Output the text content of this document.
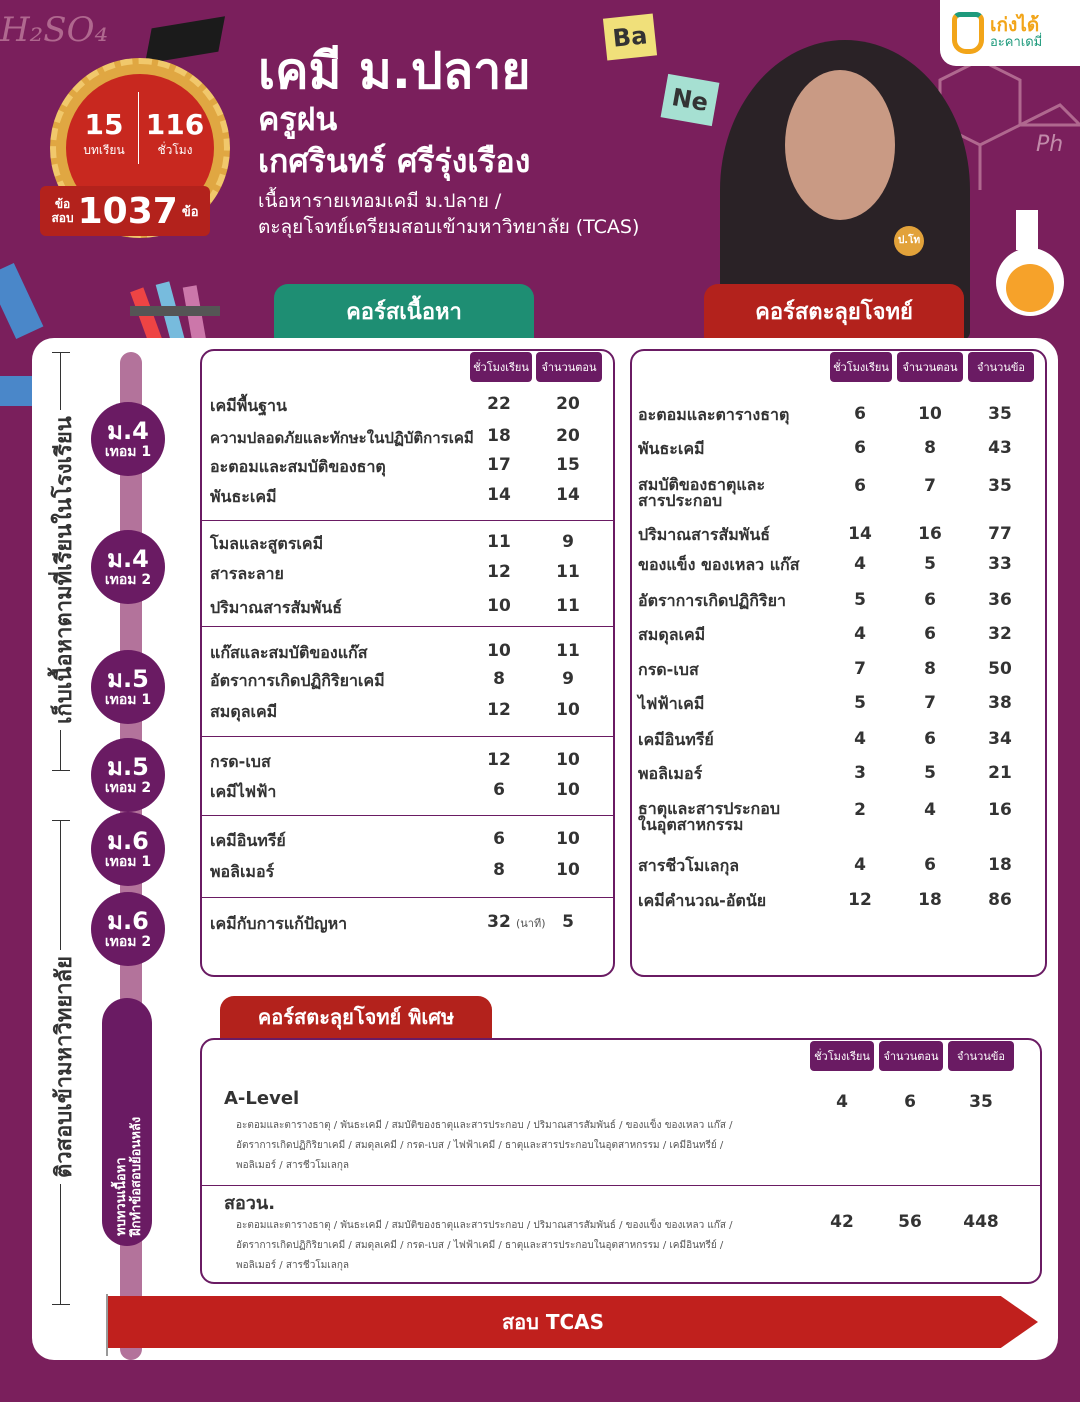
H₂SO₄	Ba
Ne
Ph
เก่งได้
อะคาเดมี่
15
บทเรียน
116
ชั่วโมง
ข้อ
สอบ 1037 ข้อ
เคมี ม.ปลาย
ครูฝน
เกศรินทร์ ศรีรุ่งเรือง
เนื้อหารายเทอมเคมี ม.ปลาย /
ตะลุยโจทย์เตรียมสอบเข้ามหาวิทยาลัย (TCAS)
ป.โท
คอร์สเนื้อหา	คอร์สตะลุยโจทย์
เก็บเนื้อหาตามที่เรียนในโรงเรียน
ติวสอบเข้ามหาวิทยาลัย
ม.4
เทอม 1
ม.4
เทอม 2
ม.5
เทอม 1
ม.5
เทอม 2
ม.6
เทอม 1
ม.6
เทอม 2
ทบทวนเนื้อหา ฝึกทำข้อสอบย้อนหลัง
ชั่วโมงเรียน	จำนวนตอน
เคมีพื้นฐาน	22	20
ความปลอดภัยและทักษะในปฏิบัติการเคมี 18	20
อะตอมและสมบัติของธาตุ	17	15
พันธะเคมี	14	14
โมลและสูตรเคมี	11	9
สารละลาย	12	11
ปริมาณสารสัมพันธ์	10	11
แก๊สและสมบัติของแก๊ส	10	11
อัตราการเกิดปฏิกิริยาเคมี	8	9
สมดุลเคมี	12	10
กรด-เบส	12	10
เคมีไฟฟ้า	6	10
เคมีอินทรีย์	6	10
พอลิเมอร์	8	10
เคมีกับการแก้ปัญหา	32	5
(นาที)
ชั่วโมงเรียน	จำนวนตอน	จำนวนข้อ
อะตอมและตารางธาตุ	6	10	35
พันธะเคมี	6	8	43
สมบัติของธาตุและ
สารประกอบ
6	7	35
ปริมาณสารสัมพันธ์	14	16	77
ของแข็ง ของเหลว แก๊ส	4	5	33
อัตราการเกิดปฏิกิริยา	5	6	36
สมดุลเคมี	4	6	32
กรด-เบส	7	8	50
ไฟฟ้าเคมี	5	7	38
เคมีอินทรีย์	4	6	34
พอลิเมอร์	3	5	21
ธาตุและสารประกอบ
ในอุตสาหกรรม
2	4	16
สารชีวโมเลกุล	4	6	18
เคมีคำนวณ-อัตนัย	12	18	86
คอร์สตะลุยโจทย์ พิเศษ
ชั่วโมงเรียน	จำนวนตอน	จำนวนข้อ
A-Level	4	6	35
อะตอมและตารางธาตุ / พันธะเคมี / สมบัติของธาตุและสารประกอบ / ปริมาณสารสัมพันธ์ / ของแข็ง ของเหลว แก๊ส /
อัตราการเกิดปฏิกิริยาเคมี / สมดุลเคมี / กรด-เบส / ไฟฟ้าเคมี / ธาตุและสารประกอบในอุตสาหกรรม / เคมีอินทรีย์ /
พอลิเมอร์ / สารชีวโมเลกุล
สอวน.
42	56	448
อะตอมและตารางธาตุ / พันธะเคมี / สมบัติของธาตุและสารประกอบ / ปริมาณสารสัมพันธ์ / ของแข็ง ของเหลว แก๊ส /
อัตราการเกิดปฏิกิริยาเคมี / สมดุลเคมี / กรด-เบส / ไฟฟ้าเคมี / ธาตุและสารประกอบในอุตสาหกรรม / เคมีอินทรีย์ /
พอลิเมอร์ / สารชีวโมเลกุล
สอบ TCAS
